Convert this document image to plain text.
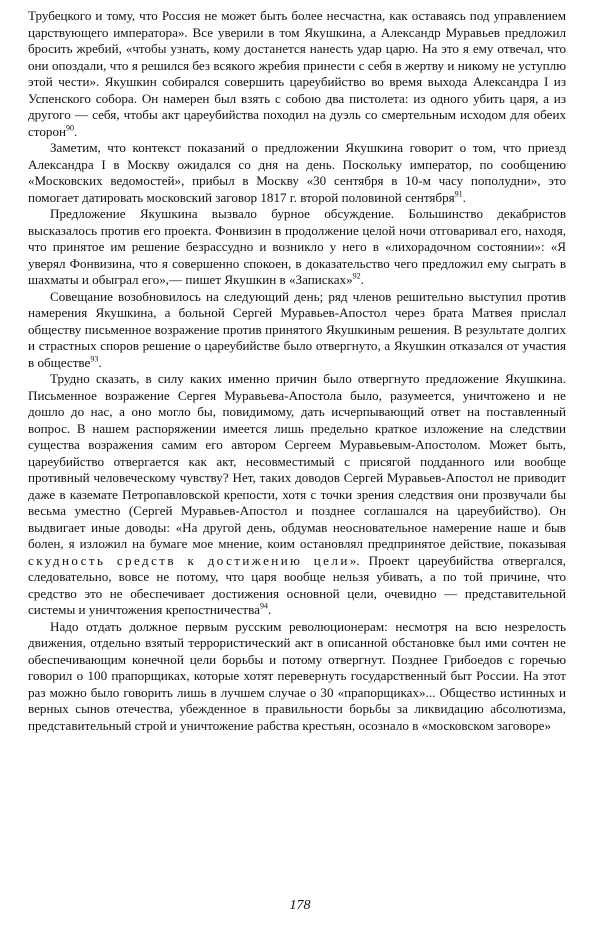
Трубецкого и тому, что Россия не может быть более несчастна, как оставаясь под управлением царствующего императора». Все уверили в том Якушкина, а Александр Муравьев предложил бросить жребий, «чтобы узнать, кому достанется нанесть удар царю. На это я ему отвечал, что они опоздали, что я решился без всякого жребия принести с себя в жертву и никому не уступлю этой чести». Якушкин собирался совершить цареубийство во время выхода Александра I из Успенского собора. Он намерен был взять с собою два пистолета: из одного убить царя, а из другого — себя, чтобы акт цареубийства походил на дуэль со смертельным исходом для обеих сторон$^{90}$.

Заметим, что контекст показаний о предложении Якушкина говорит о том, что приезд Александра I в Москву ожидался со дня на день. Поскольку император, по сообщению «Московских ведомостей», прибыл в Москву «30 сентября в 10-м часу пополудни», это помогает датировать московский заговор 1817 г. второй половиной сентября$^{91}$.

Предложение Якушкина вызвало бурное обсуждение. Большинство декабристов высказалось против его проекта. Фонвизин в продолжение целой ночи отговаривал его, находя, что принятое им решение безрассудно и возникло у него в «лихорадочном состоянии»: «Я уверял Фонвизина, что я совершенно спокоен, в доказательство чего предложил ему сыграть в шахматы и обыграл его»,— пишет Якушкин в «Записках»$^{92}$.

Совещание возобновилось на следующий день; ряд членов решительно выступил против намерения Якушкина, а больной Сергей Муравьев-Апостол через брата Матвея прислал обществу письменное возражение против принятого Якушкиным решения. В результате долгих и страстных споров решение о цареубийстве было отвергнуто, а Якушкин отказался от участия в обществе$^{93}$.

Трудно сказать, в силу каких именно причин было отвергнуто предложение Якушкина. Письменное возражение Сергея Муравьева-Апостола было, разумеется, уничтожено и не дошло до нас, а оно могло бы, повидимому, дать исчерпывающий ответ на поставленный вопрос. В нашем распоряжении имеется лишь предельно краткое изложение на следствии существа возражения самим его автором Сергеем Муравьевым-Апостолом. Может быть, цареубийство отвергается как акт, несовместимый с присягой подданного или вообще противный человеческому чувству? Нет, таких доводов Сергей Муравьев-Апостол не приводит даже в каземате Петропавловской крепости, хотя с точки зрения следствия они прозвучали бы весьма уместно (Сергей Муравьев-Апостол и позднее соглашался на цареубийство). Он выдвигает иные доводы: «На другой день, обдумав неосновательное намерение наше и быв болен, я изложил на бумаге мое мнение, коим остановлял предпринятое действие, показывая скудность средств к достижению цели». Проект цареубийства отвергался, следовательно, вовсе не потому, что царя вообще нельзя убивать, а по той причине, что средство это не обеспечивает достижения основной цели, очевидно — представительной системы и уничтожения крепостничества$^{94}$.

Надо отдать должное первым русским революционерам: несмотря на всю незрелость движения, отдельно взятый террористический акт в описанной обстановке был ими сочтен не обеспечивающим конечной цели борьбы и потому отвергнут. Позднее Грибоедов с горечью говорил о 100 прапорщиках, которые хотят перевернуть государственный быт России. На этот раз можно было говорить лишь в лучшем случае о 30 «прапорщиках»... Общество истинных и верных сынов отечества, убежденное в правильности борьбы за ликвидацию абсолютизма, представительный строй и уничтожение рабства крестьян, осознало в «московском заговоре»

178
